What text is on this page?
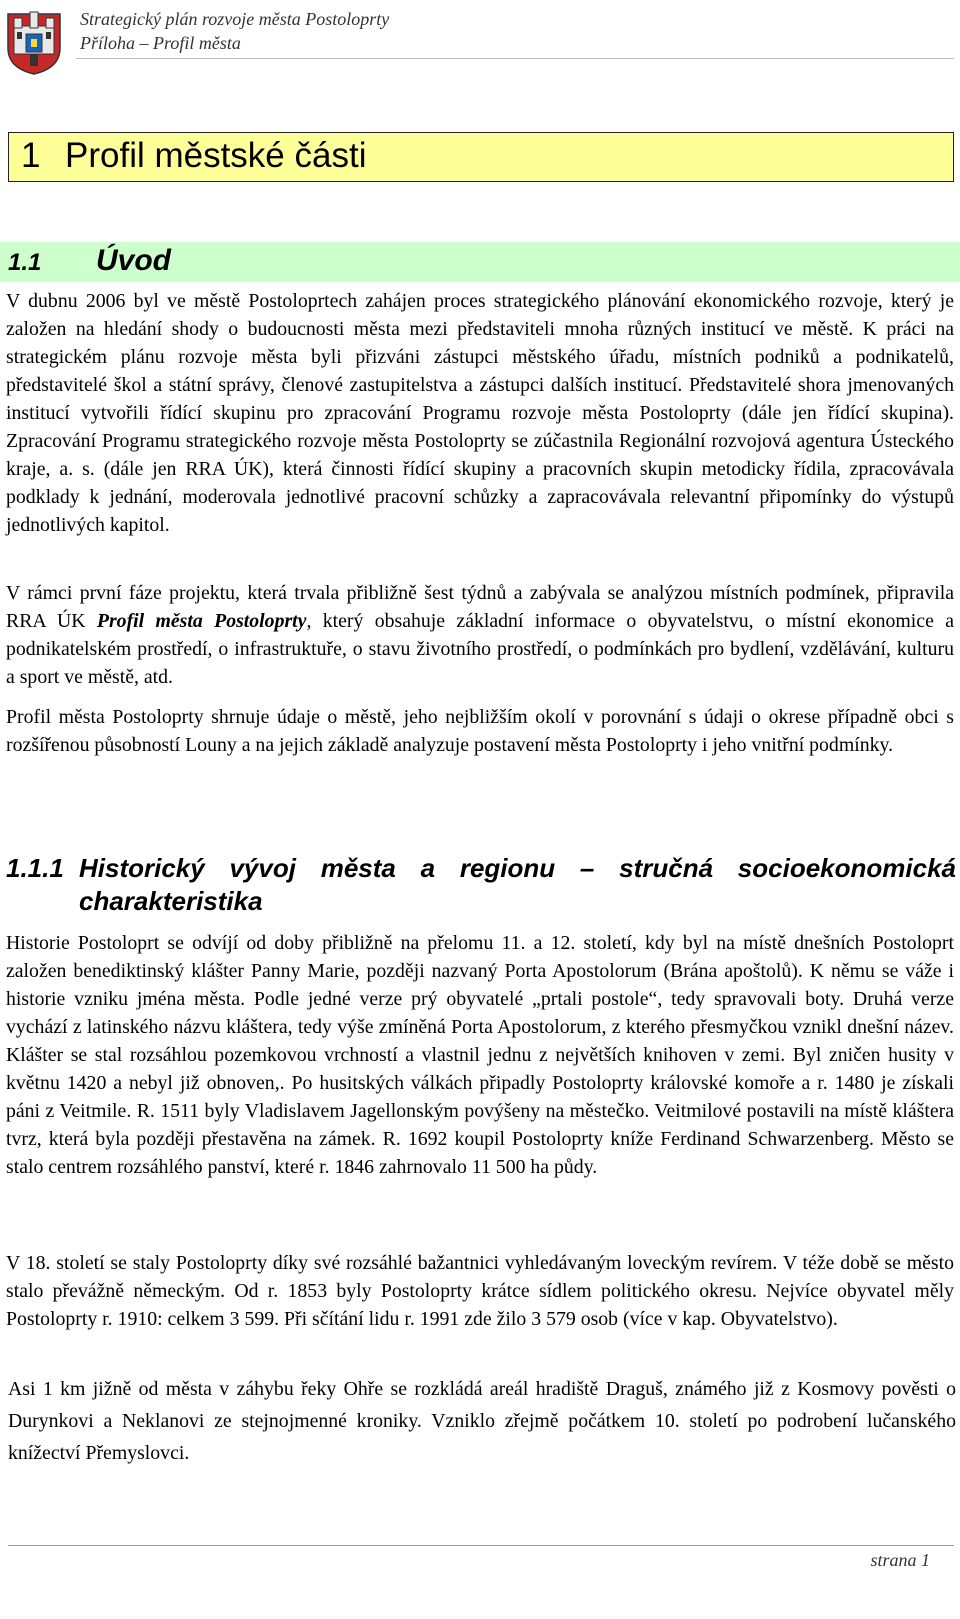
Strategický plán rozvoje města Postoloprty
Příloha – Profil města
1 Profil městské části
1.1 Úvod

V dubnu 2006 byl ve městě Postoloprtech zahájen proces strategického plánování ekonomického rozvoje, který je založen na hledání shody o budoucnosti města mezi představiteli mnoha různých institucí ve městě. K práci na strategickém plánu rozvoje města byli přizváni zástupci městského úřadu, místních podniků a podnikatelů, představitelé škol a státní správy, členové zastupitelstva a zástupci dalších institucí. Představitelé shora jmenovaných institucí vytvořili řídící skupinu pro zpracování Programu rozvoje města Postoloprty (dále jen řídící skupina). Zpracování Programu strategického rozvoje města Postoloprty se zúčastnila Regionální rozvojová agentura Ústeckého kraje, a. s. (dále jen RRA ÚK), která činnosti řídící skupiny a pracovních skupin metodicky řídila, zpracovávala podklady k jednání, moderovala jednotlivé pracovní schůzky a zapracovávala relevantní připomínky do výstupů jednotlivých kapitol.

V rámci první fáze projektu, která trvala přibližně šest týdnů a zabývala se analýzou místních podmínek, připravila RRA ÚK Profil města Postoloprty, který obsahuje základní informace o obyvatelstvu, o místní ekonomice a podnikatelském prostředí, o infrastruktuře, o stavu životního prostředí, o podmínkách pro bydlení, vzdělávání, kulturu a sport ve městě, atd.

Profil města Postoloprty shrnuje údaje o městě, jeho nejbližším okolí v porovnání s údaji o okrese případně obci s rozšířenou působností Louny a na jejich základě analyzuje postavení města Postoloprty i jeho vnitřní podmínky.

1.1.1 Historický vývoj města a regionu – stručná socioekonomická charakteristika

Historie Postoloprt se odvíjí od doby přibližně na přelomu 11. a 12. století, kdy byl na místě dnešních Postoloprt založen benediktinský klášter Panny Marie, později nazvaný Porta Apostolorum (Brána apoštolů). K němu se váže i historie vzniku jména města. Podle jedné verze prý obyvatelé „prtali postole“, tedy spravovali boty. Druhá verze vychází z latinského názvu kláštera, tedy výše zmíněná Porta Apostolorum, z kterého přesmyčkou vznikl dnešní název. Klášter se stal rozsáhlou pozemkovou vrchností a vlastnil jednu z největších knihoven v zemi. Byl zničen husity v květnu 1420 a nebyl již obnoven,. Po husitských válkách připadly Postoloprty královské komoře a r. 1480 je získali páni z Veitmile. R. 1511 byly Vladislavem Jagellonským povýšeny na městečko. Veitmilové postavili na místě kláštera tvrz, která byla později přestavěna na zámek. R. 1692 koupil Postoloprty kníže Ferdinand Schwarzenberg. Město se stalo centrem rozsáhlého panství, které r. 1846 zahrnovalo 11 500 ha půdy.

V 18. století se staly Postoloprty díky své rozsáhlé bažantnici vyhledávaným loveckým revírem. V téže době se město stalo převážně německým. Od r. 1853 byly Postoloprty krátce sídlem politického okresu. Nejvíce obyvatel měly Postoloprty r. 1910: celkem 3 599. Při sčítání lidu r. 1991 zde žilo 3 579 osob (více v kap. Obyvatelstvo).

Asi 1 km jižně od města v záhybu řeky Ohře se rozkládá areál hradiště Draguš, známého již z Kosmovy pověsti o Durynkovi a Neklanovi ze stejnojmenné kroniky. Vzniklo zřejmě počátkem 10. století po podrobení lučanského knížectví Přemyslovci.

strana 1
